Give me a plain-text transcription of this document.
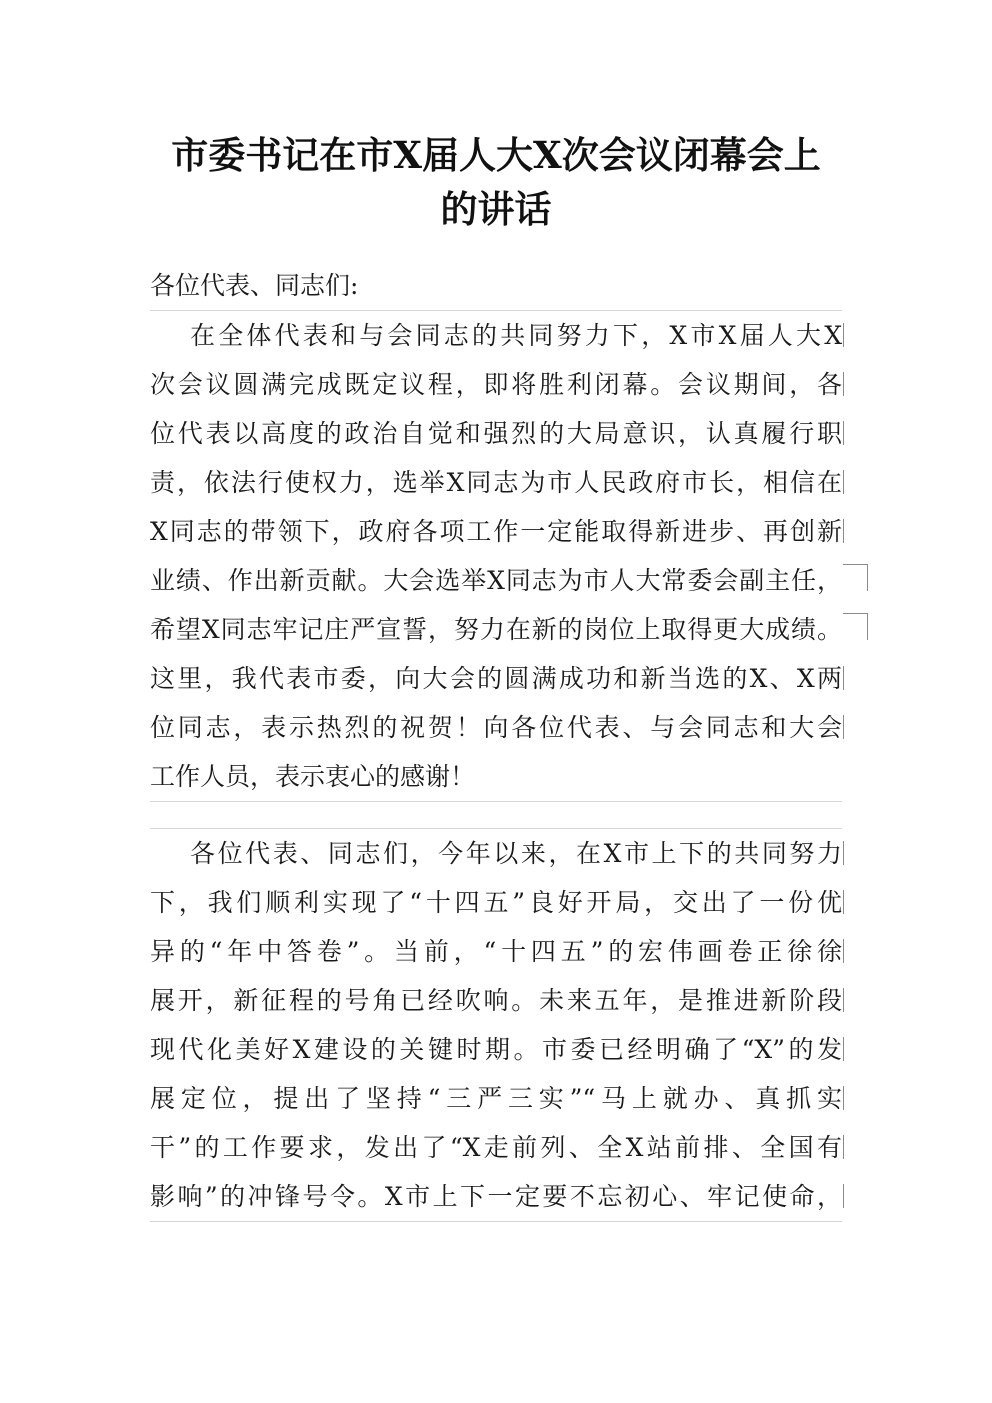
市委书记在市X届人大X次会议闭幕会上
的讲话
各位代表、同志们:
在全体代表和与会同志的共同努力下，X市X届人大X
次会议圆满完成既定议程，即将胜利闭幕。会议期间，各
位代表以高度的政治自觉和强烈的大局意识，认真履行职
责，依法行使权力，选举X同志为市人民政府市长，相信在
X同志的带领下，政府各项工作一定能取得新进步、再创新
业绩、作出新贡献。大会选举X同志为市人大常委会副主任，
希望X同志牢记庄严宣誓，努力在新的岗位上取得更大成绩。
这里，我代表市委，向大会的圆满成功和新当选的X、X两
位同志，表示热烈的祝贺！向各位代表、与会同志和大会
工作人员，表示衷心的感谢！
各位代表、同志们，今年以来，在X市上下的共同努力
下，我们顺利实现了“十四五”良好开局，交出了一份优
异的“年中答卷”。当前，“十四五”的宏伟画卷正徐徐
展开，新征程的号角已经吹响。未来五年，是推进新阶段
现代化美好X建设的关键时期。市委已经明确了“X”的发
展定位，提出了坚持“三严三实”“马上就办、真抓实
干”的工作要求，发出了“X走前列、全X站前排、全国有
影响”的冲锋号令。X市上下一定要不忘初心、牢记使命，
